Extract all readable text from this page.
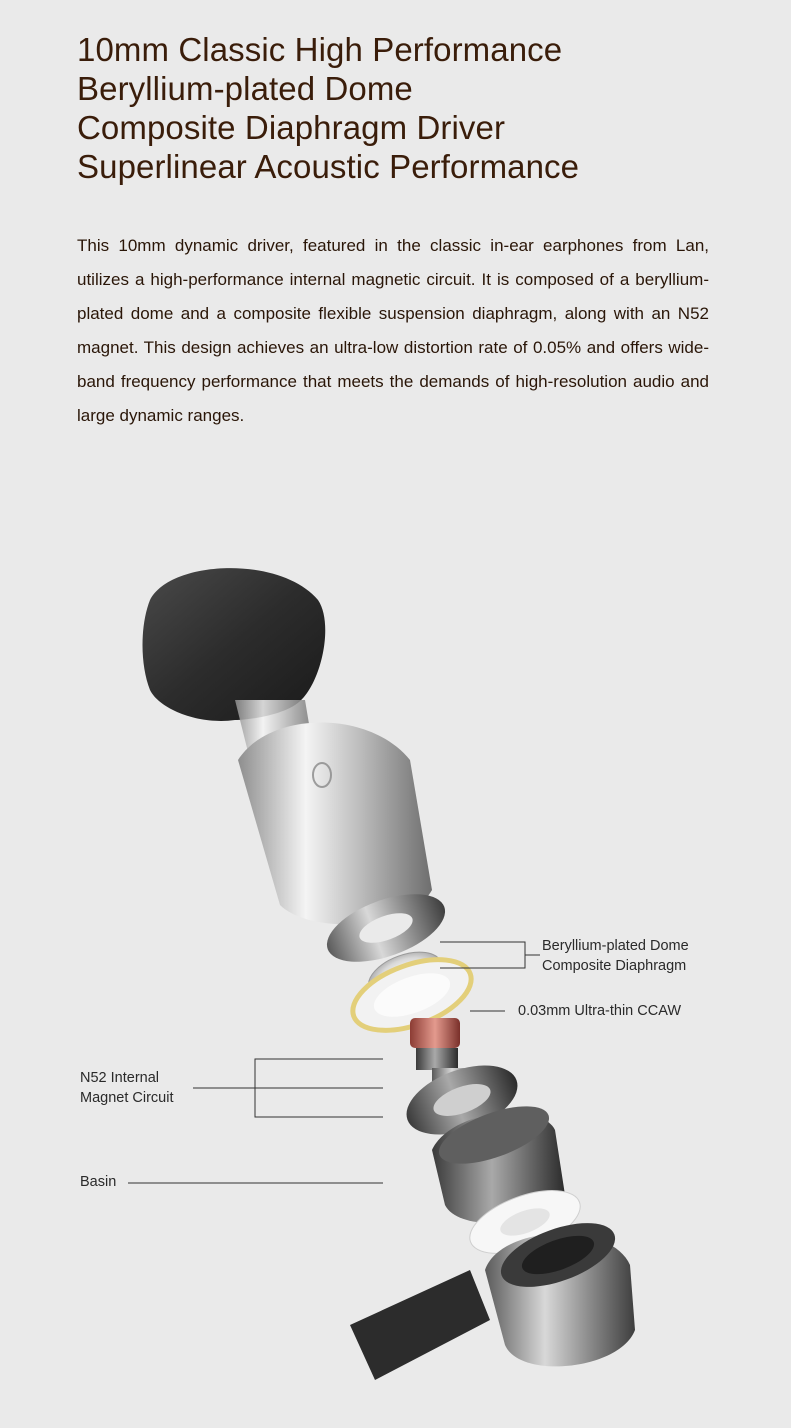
10mm Classic High Performance
Beryllium-plated Dome
Composite Diaphragm Driver
Superlinear Acoustic Performance

This 10mm dynamic driver, featured in the classic in-ear earphones from Lan, utilizes a high-performance internal magnetic circuit. It is composed of a beryllium-plated dome and a composite flexible suspension diaphragm, along with an N52 magnet. This design achieves an ultra-low distortion rate of 0.05% and offers wide-band frequency performance that meets the demands of high-resolution audio and large dynamic ranges.

Beryllium-plated Dome
Composite Diaphragm
0.03mm Ultra-thin CCAW
N52 Internal
Magnet Circuit
Basin
